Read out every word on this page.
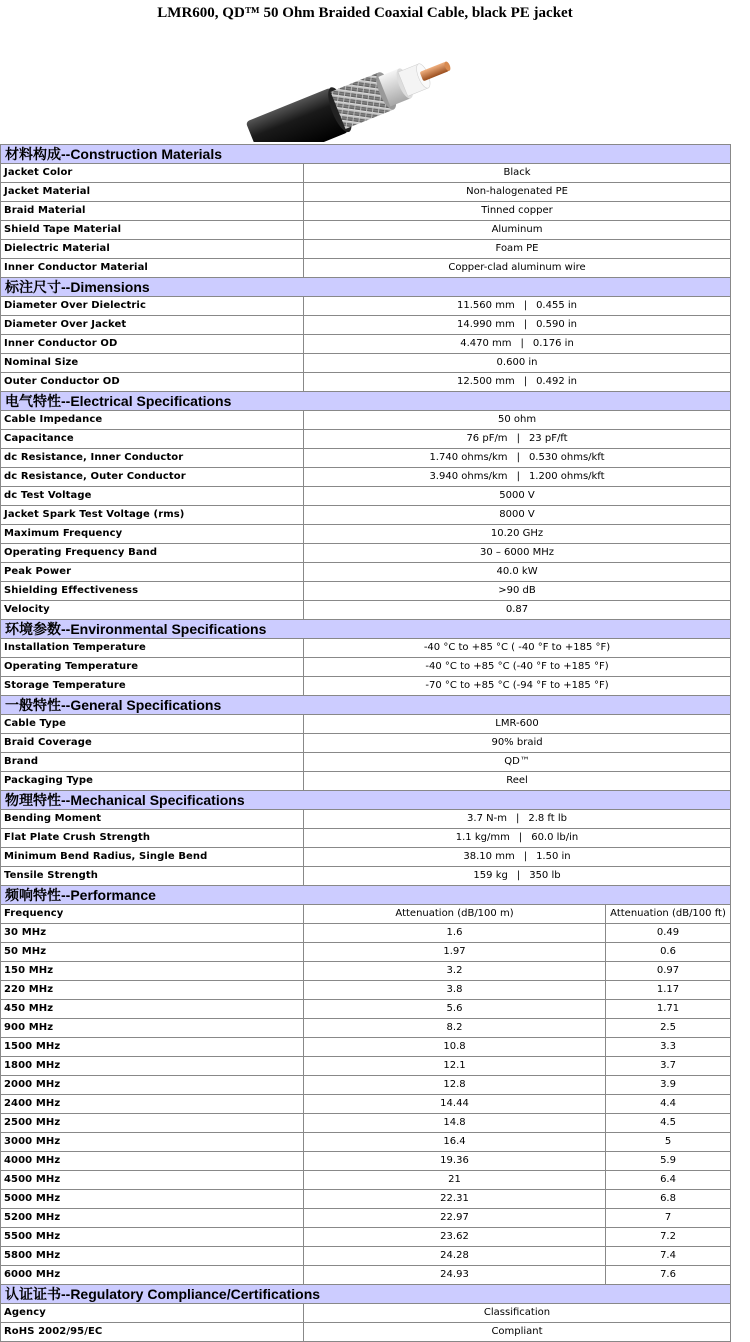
LMR600, QD™ 50 Ohm Braided Coaxial Cable, black PE jacket
材料构成--Construction Materials		
Jacket Color	Black	
Jacket Material	Non-halogenated PE	
Braid Material	Tinned copper	
Shield Tape Material	Aluminum	
Dielectric Material	Foam PE	
Inner Conductor Material	Copper-clad aluminum wire	
标注尺寸--Dimensions		
Diameter Over Dielectric	11.560 mm | 0.455 in	
Diameter Over Jacket	14.990 mm | 0.590 in	
Inner Conductor OD	4.470 mm | 0.176 in	
Nominal Size	0.600 in	
Outer Conductor OD	12.500 mm | 0.492 in	
电气特性--Electrical Specifications		
Cable Impedance	50 ohm	
Capacitance	76 pF/m | 23 pF/ft	
dc Resistance, Inner Conductor	1.740 ohms/km | 0.530 ohms/kft	
dc Resistance, Outer Conductor	3.940 ohms/km | 1.200 ohms/kft	
dc Test Voltage	5000 V	
Jacket Spark Test Voltage (rms)	8000 V	
Maximum Frequency	10.20 GHz	
Operating Frequency Band	30 – 6000 MHz	
Peak Power	40.0 kW	
Shielding Effectiveness	>90 dB	
Velocity	0.87	
环境参数--Environmental Specifications		
Installation Temperature	-40 °C to +85 °C ( -40 °F to +185 °F)	
Operating Temperature	-40 °C to +85 °C (-40 °F to +185 °F)	
Storage Temperature	-70 °C to +85 °C (-94 °F to +185 °F)	
一般特性--General Specifications		
Cable Type	LMR-600	
Braid Coverage	90% braid	
Brand	QD™	
Packaging Type	Reel	
物理特性--Mechanical Specifications		
Bending Moment	3.7 N-m | 2.8 ft lb	
Flat Plate Crush Strength	1.1 kg/mm | 60.0 lb/in	
Minimum Bend Radius, Single Bend	38.10 mm | 1.50 in	
Tensile Strength	159 kg | 350 lb	
频响特性--Performance		
Frequency	Attenuation (dB/100 m)	Attenuation (dB/100 ft)
30 MHz	1.6	0.49
50 MHz	1.97	0.6
150 MHz	3.2	0.97
220 MHz	3.8	1.17
450 MHz	5.6	1.71
900 MHz	8.2	2.5
1500 MHz	10.8	3.3
1800 MHz	12.1	3.7
2000 MHz	12.8	3.9
2400 MHz	14.44	4.4
2500 MHz	14.8	4.5
3000 MHz	16.4	5
4000 MHz	19.36	5.9
4500 MHz	21	6.4
5000 MHz	22.31	6.8
5200 MHz	22.97	7
5500 MHz	23.62	7.2
5800 MHz	24.28	7.4
6000 MHz	24.93	7.6
认证证书--Regulatory Compliance/Certifications		
Agency	Classification	
RoHS 2002/95/EC	Compliant	
